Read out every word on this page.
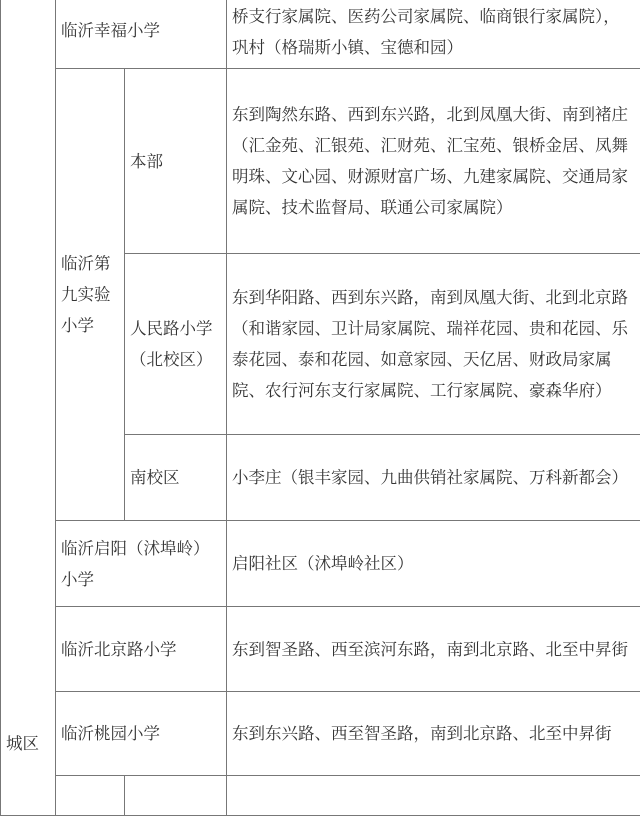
城区	临沂幸福小学		桥支行家属院、医药公司家属院、临商银行家属院），巩村（格瑞斯小镇、宝德和园）
	临沂第九实验小学	本部	东到陶然东路、西到东兴路，北到凤凰大街、南到褚庄（汇金苑、汇银苑、汇财苑、汇宝苑、银桥金居、凤舞明珠、文心园、财源财富广场、九建家属院、交通局家属院、技术监督局、联通公司家属院）
		人民路小学（北校区）	东到华阳路、西到东兴路，南到凤凰大街、北到北京路（和谐家园、卫计局家属院、瑞祥花园、贵和花园、乐泰花园、泰和花园、如意家园、天亿居、财政局家属院、农行河东支行家属院、工行家属院、豪森华府）
		南校区	小李庄（银丰家园、九曲供销社家属院、万科新都会）
	临沂启阳（沭埠岭）小学		启阳社区（沭埠岭社区）
	临沂北京路小学		东到智圣路、西至滨河东路，南到北京路、北至中昇街
	临沂桃园小学		东到东兴路、西至智圣路，南到北京路、北至中昇街
